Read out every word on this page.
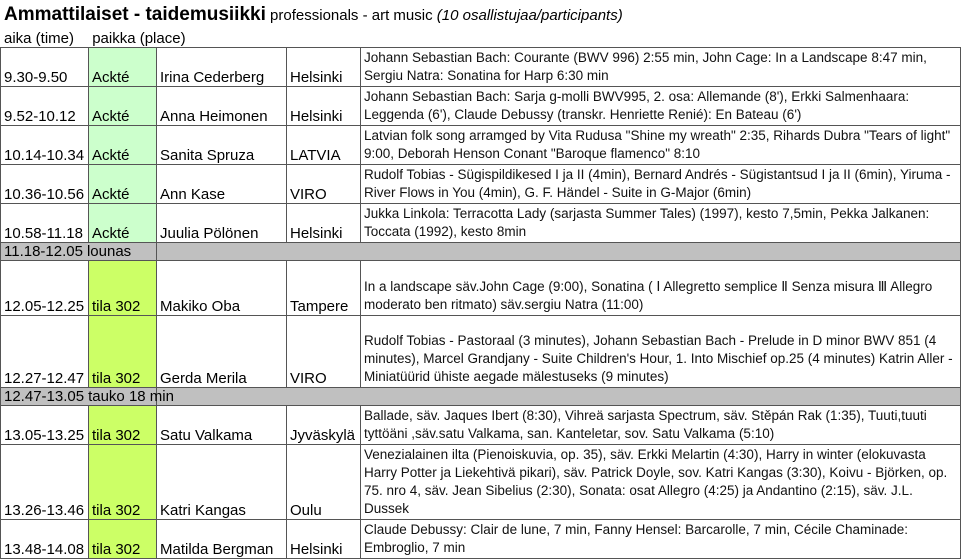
Ammattilaiset - taidemusiikki professionals - art music (10 osallistujaa/participants)
aika (time) paikka (place)
9.30-9.50	Ackté	Irina Cederberg	Helsinki	Johann Sebastian Bach: Courante (BWV 996) 2:55 min, John Cage: In a Landscape 8:47 min, Sergiu Natra: Sonatina for Harp 6:30 min
9.52-10.12	Ackté	Anna Heimonen	Helsinki	Johann Sebastian Bach: Sarja g-molli BWV995, 2. osa: Allemande (8'), Erkki Salmenhaara: Leggenda (6'), Claude Debussy (transkr. Henriette Renié): En Bateau (6')
10.14-10.34	Ackté	Sanita Spruza	LATVIA	Latvian folk song arramged by Vita Rudusa "Shine my wreath" 2:35, Rihards Dubra "Tears of light" 9:00, Deborah Henson Conant "Baroque flamenco" 8:10
10.36-10.56	Ackté	Ann Kase	VIRO	Rudolf Tobias - Sügispildikesed I ja II (4min), Bernard Andrés - Sügistantsud I ja II (6min), Yiruma - River Flows in You (4min), G. F. Händel - Suite in G-Major (6min)
10.58-11.18	Ackté	Juulia Pölönen	Helsinki	Jukka Linkola: Terracotta Lady (sarjasta Summer Tales) (1997), kesto 7,5min, Pekka Jalkanen: Toccata (1992), kesto 8min
11.18-12.05 lounas				
12.05-12.25	tila 302	Makiko Oba	Tampere	In a landscape säv.John Cage (9:00), Sonatina ( Ⅰ Allegretto semplice Ⅱ Senza misura Ⅲ Allegro moderato ben ritmato) säv.sergiu Natra (11:00)
12.27-12.47	tila 302	Gerda Merila	VIRO	Rudolf Tobias - Pastoraal (3 minutes), Johann Sebastian Bach - Prelude in D minor BWV 851 (4 minutes), Marcel Grandjany - Suite Children's Hour, 1. Into Mischief op.25 (4 minutes) Katrin Aller - Miniatüürid ühiste aegade mälestuseks (9 minutes)
12.47-13.05 tauko 18 min				
13.05-13.25	tila 302	Satu Valkama	Jyväskylä	Ballade, säv. Jaques Ibert (8:30), Vihreä sarjasta Spectrum, säv. Stěpán Rak (1:35), Tuuti,tuuti tyttöäni ,säv.satu Valkama, san. Kanteletar, sov. Satu Valkama (5:10)
13.26-13.46	tila 302	Katri Kangas	Oulu	Venezialainen ilta (Pienoiskuvia, op. 35), säv. Erkki Melartin (4:30), Harry in winter (elokuvasta Harry Potter ja Liekehtivä pikari), säv. Patrick Doyle, sov. Katri Kangas (3:30), Koivu - Björken, op. 75. nro 4, säv. Jean Sibelius (2:30), Sonata: osat Allegro (4:25) ja Andantino (2:15), säv. J.L. Dussek
13.48-14.08	tila 302	Matilda Bergman	Helsinki	Claude Debussy: Clair de lune, 7 min, Fanny Hensel: Barcarolle, 7 min, Cécile Chaminade: Embroglio, 7 min
